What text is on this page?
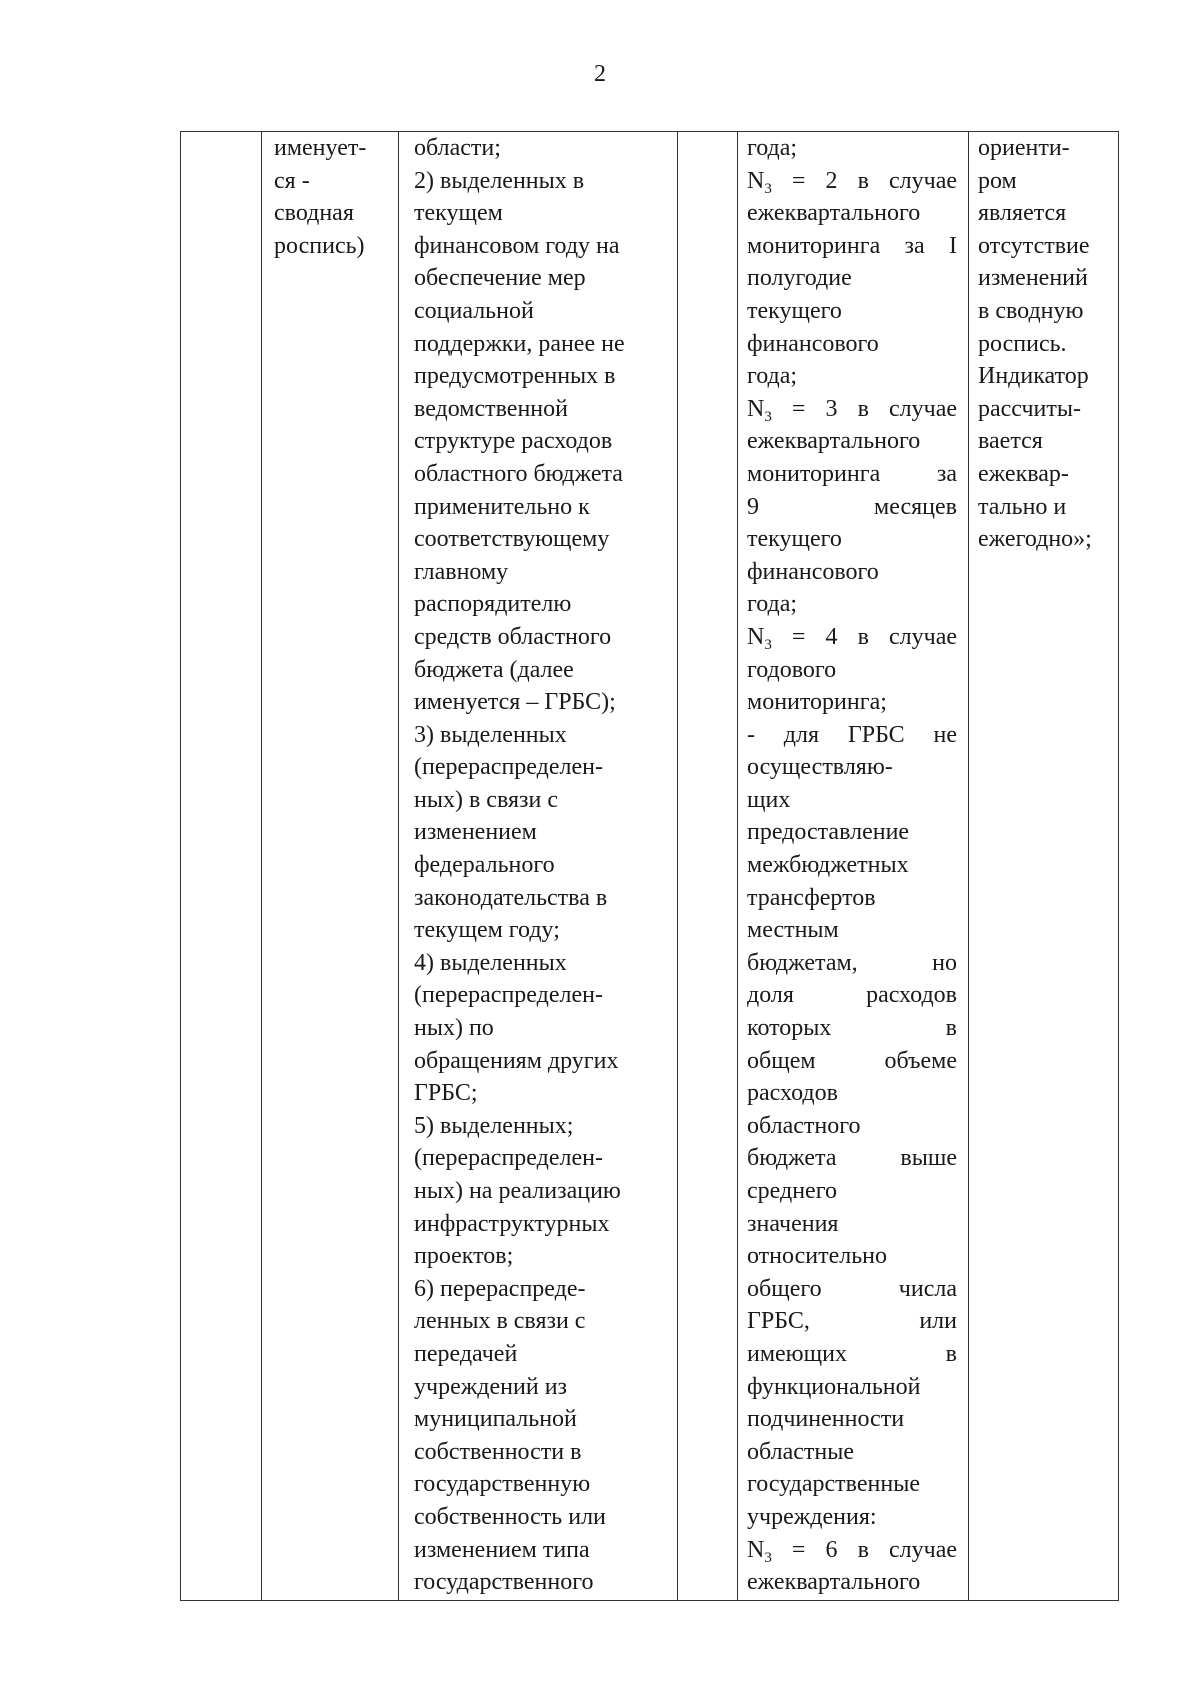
2
именует-
ся -
сводная
роспись)
области;
2) выделенных в
текущем
финансовом году на
обеспечение мер
социальной
поддержки, ранее не
предусмотренных в
ведомственной
структуре расходов
областного бюджета
применительно к
соответствующему
главному
распорядителю
средств областного
бюджета (далее
именуется – ГРБС);
3) выделенных
(перераспределен-
ных) в связи с
изменением
федерального
законодательства в
текущем году;
4) выделенных
(перераспределен-
ных) по
обращениям других
ГРБС;
5) выделенных;
(перераспределен-
ных) на реализацию
инфраструктурных
проектов;
6) перераспреде-
ленных в связи с
передачей
учреждений из
муниципальной
собственности в
государственную
собственность или
изменением типа
государственного
года;
$N_3 = 2$ в случае
ежеквартального
мониторинга за I
полугодие
текущего
финансового
года;
$N_3 = 3$ в случае
ежеквартального
мониторинга за
9 месяцев
текущего
финансового
года;
$N_3 = 4$ в случае
годового
мониторинга;
- для ГРБС не
осуществляю-
щих
предоставление
межбюджетных
трансфертов
местным
бюджетам, но
доля расходов
которых в
общем объеме
расходов
областного
бюджета выше
среднего
значения
относительно
общего числа
ГРБС, или
имеющих в
функциональной
подчиненности
областные
государственные
учреждения:
$N_3 = 6$ в случае
ежеквартального
ориенти-
ром
является
отсутствие
изменений
в сводную
роспись.
Индикатор
рассчиты-
вается
ежеквар-
тально и
ежегодно»;
